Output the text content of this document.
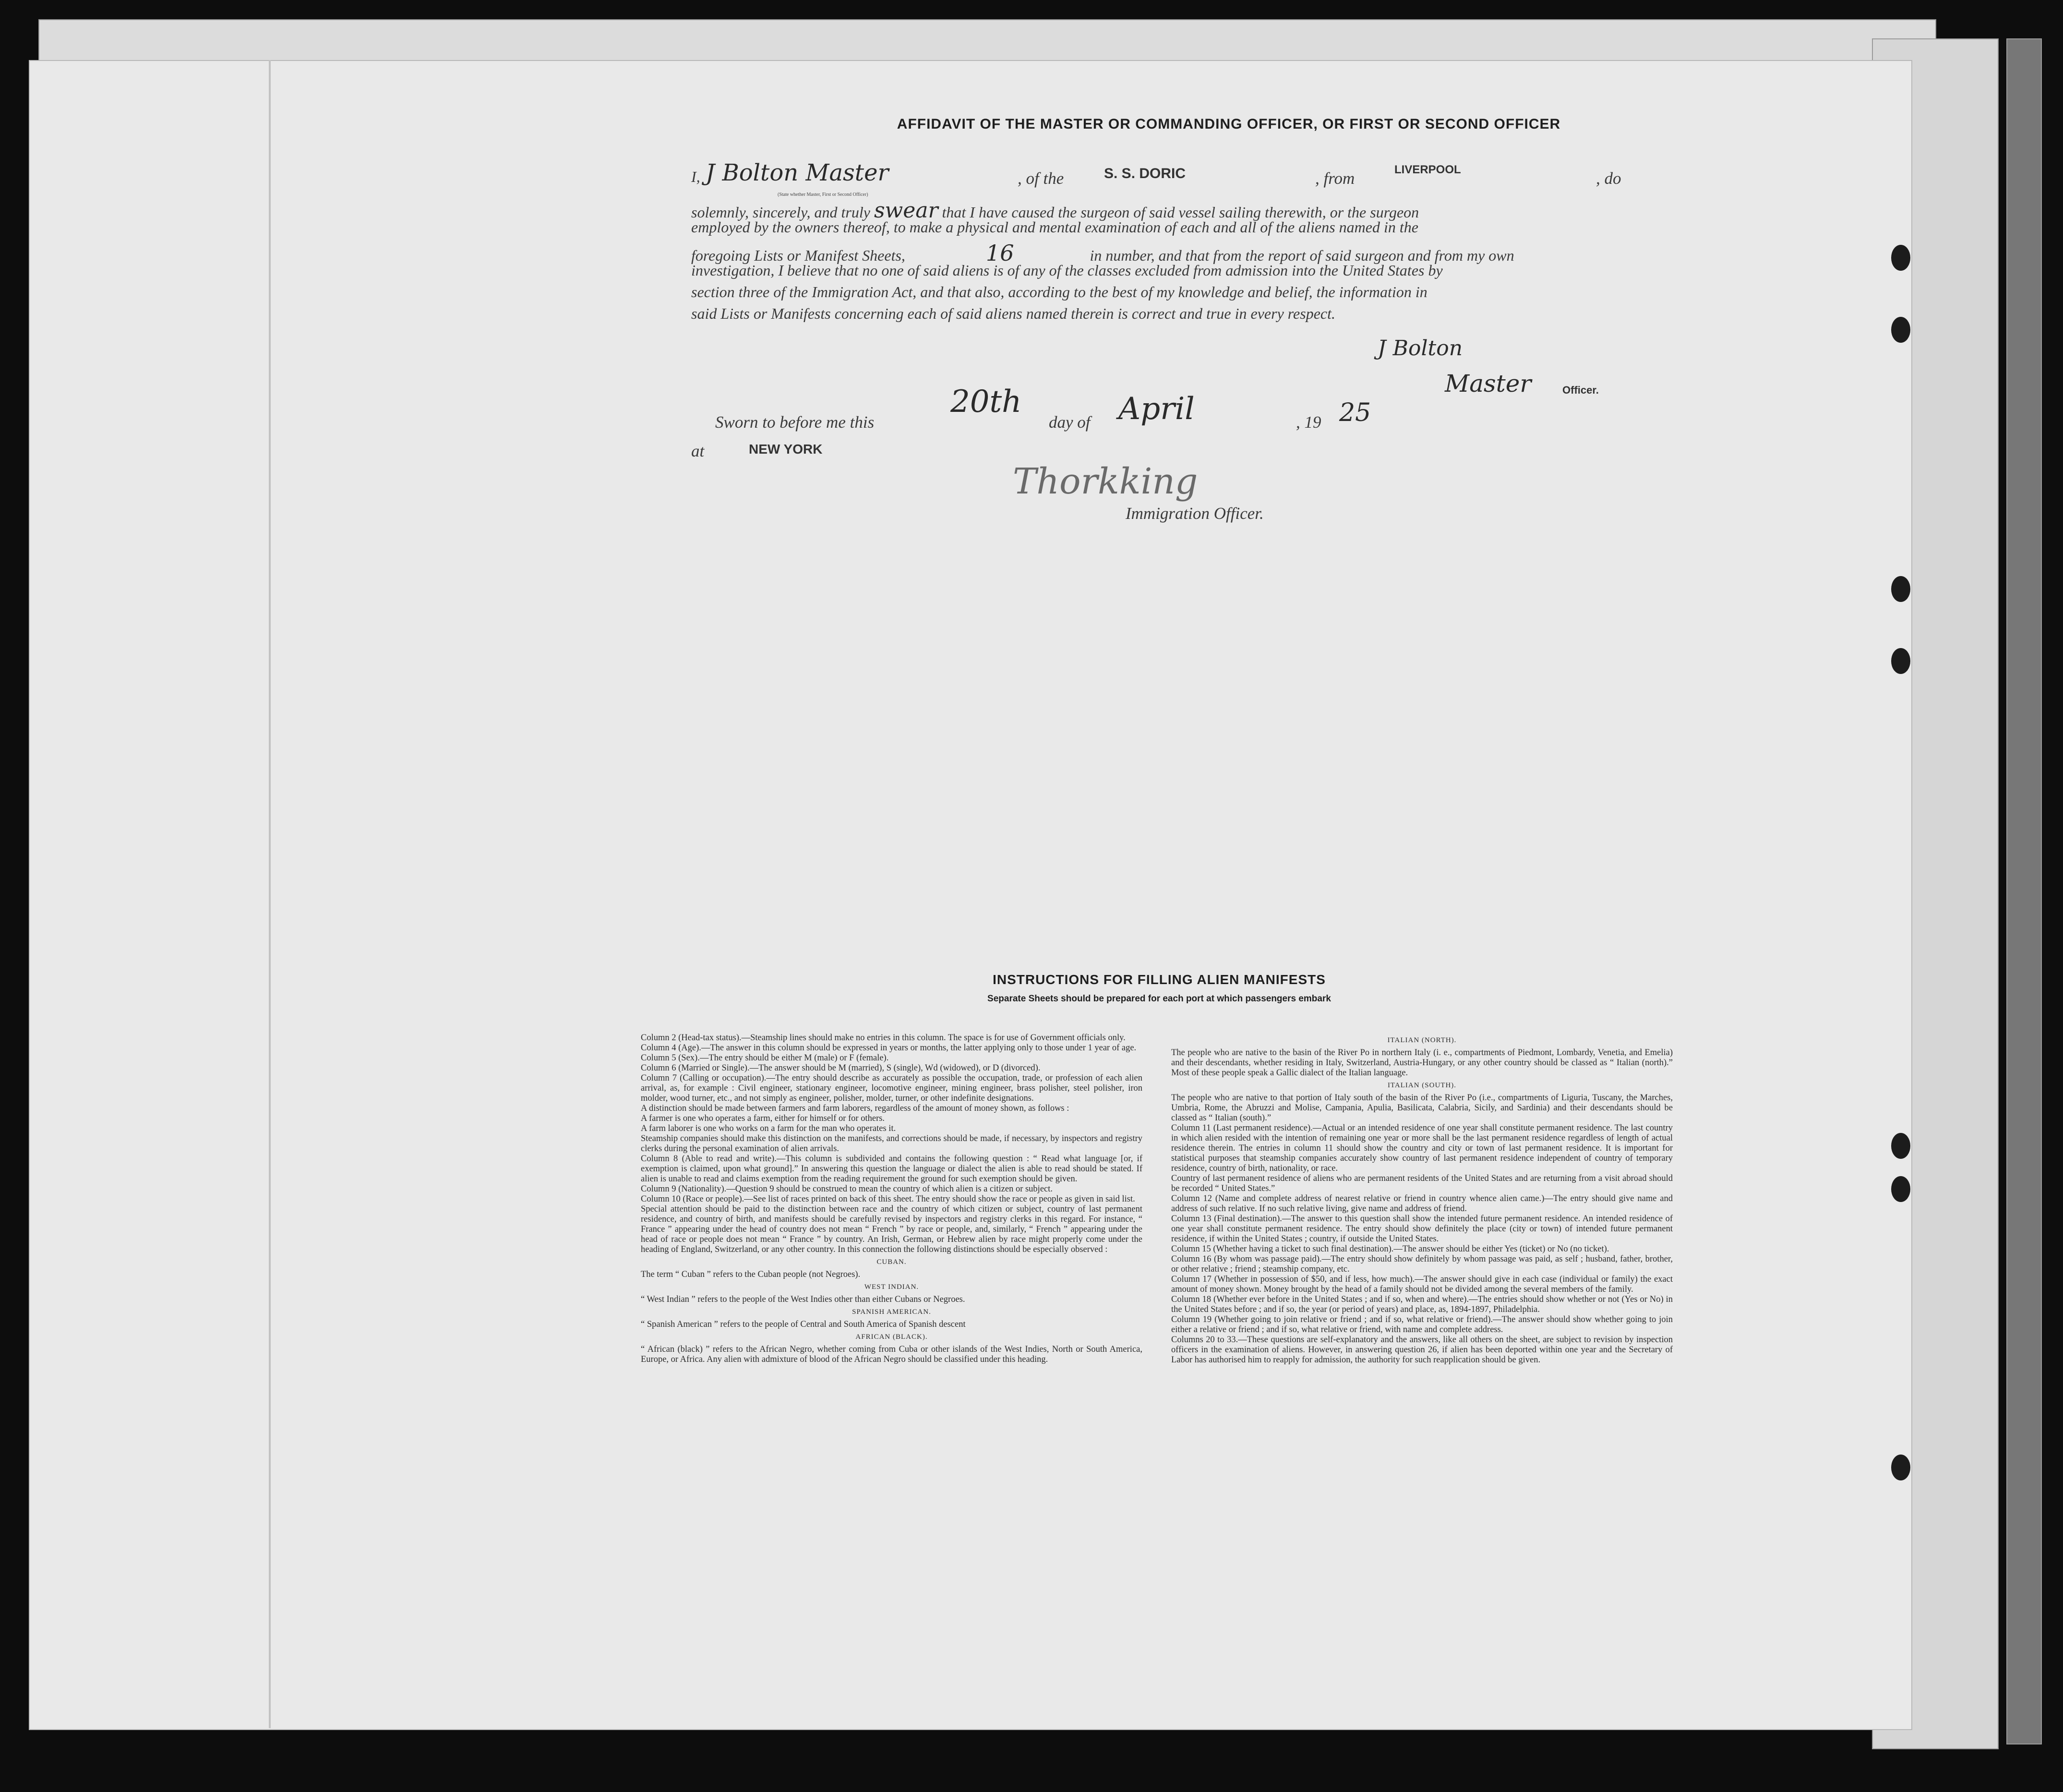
AFFIDAVIT OF THE MASTER OR COMMANDING OFFICER, OR FIRST OR SECOND OFFICER
I, J Bolton Master
(State whether Master, First or Second Officer)
, of the	S. S. DORIC	, from	LIVERPOOL	, do
solemnly, sincerely, and truly swear that I have caused the surgeon of said vessel sailing therewith, or the surgeon
employed by the owners thereof, to make a physical and mental examination of each and all of the aliens named in the
foregoing Lists or Manifest Sheets,	16	in number, and that from the report of said surgeon and from my own
investigation, I believe that no one of said aliens is of any of the classes excluded from admission into the United States by
section three of the Immigration Act, and that also, according to the best of my knowledge and belief, the information in
said Lists or Manifests concerning each of said aliens named therein is correct and true in every respect.
J Bolton
Master	Officer.
Sworn to before me this
20th
day of April	, 19 25
at	NEW YORK
Thorkking
Immigration Officer.
INSTRUCTIONS FOR FILLING ALIEN MANIFESTS
Separate Sheets should be prepared for each port at which passengers embark

Column 2 (Head-tax status).—Steamship lines should make no entries in this column. The space is for use of Government officials only.

Column 4 (Age).—The answer in this column should be expressed in years or months, the latter applying only to those under 1 year of age.

Column 5 (Sex).—The entry should be either M (male) or F (female).

Column 6 (Married or Single).—The answer should be M (married), S (single), Wd (widowed), or D (divorced).

Column 7 (Calling or occupation).—The entry should describe as accurately as possible the occupation, trade, or profession of each alien arrival, as, for example : Civil engineer, stationary engineer, locomotive engineer, mining engineer, brass polisher, steel polisher, iron molder, wood turner, etc., and not simply as engineer, polisher, molder, turner, or other indefinite designations.

A distinction should be made between farmers and farm laborers, regardless of the amount of money shown, as follows :

A farmer is one who operates a farm, either for himself or for others.

A farm laborer is one who works on a farm for the man who operates it.

Steamship companies should make this distinction on the manifests, and corrections should be made, if necessary, by inspectors and registry clerks during the personal examination of alien arrivals.

Column 8 (Able to read and write).—This column is subdivided and contains the following question : “ Read what language [or, if exemption is claimed, upon what ground].” In answering this question the language or dialect the alien is able to read should be stated. If alien is unable to read and claims exemption from the reading requirement the ground for such exemption should be given.

Column 9 (Nationality).—Question 9 should be construed to mean the country of which alien is a citizen or subject.

Column 10 (Race or people).—See list of races printed on back of this sheet. The entry should show the race or people as given in said list.

Special attention should be paid to the distinction between race and the country of which citizen or subject, country of last permanent residence, and country of birth, and manifests should be carefully revised by inspectors and registry clerks in this regard. For instance, “ France ” appearing under the head of country does not mean “ French ” by race or people, and, similarly, “ French ” appearing under the head of race or people does not mean “ France ” by country. An Irish, German, or Hebrew alien by race might properly come under the heading of England, Switzerland, or any other country. In this connection the following distinctions should be especially observed :

CUBAN.

The term “ Cuban ” refers to the Cuban people (not Negroes).

WEST INDIAN.

“ West Indian ” refers to the people of the West Indies other than either Cubans or Negroes.

SPANISH AMERICAN.

“ Spanish American ” refers to the people of Central and South America of Spanish descent

AFRICAN (BLACK).

“ African (black) ” refers to the African Negro, whether coming from Cuba or other islands of the West Indies, North or South America, Europe, or Africa. Any alien with admixture of blood of the African Negro should be classified under this heading.

ITALIAN (NORTH).

The people who are native to the basin of the River Po in northern Italy (i. e., compartments of Piedmont, Lombardy, Venetia, and Emelia) and their descendants, whether residing in Italy, Switzerland, Austria-Hungary, or any other country should be classed as “ Italian (north).” Most of these people speak a Gallic dialect of the Italian language.

ITALIAN (SOUTH).

The people who are native to that portion of Italy south of the basin of the River Po (i.e., compartments of Liguria, Tuscany, the Marches, Umbria, Rome, the Abruzzi and Molise, Campania, Apulia, Basilicata, Calabria, Sicily, and Sardinia) and their descendants should be classed as “ Italian (south).”

Column 11 (Last permanent residence).—Actual or an intended residence of one year shall constitute permanent residence. The last country in which alien resided with the intention of remaining one year or more shall be the last permanent residence regardless of length of actual residence therein. The entries in column 11 should show the country and city or town of last permanent residence. It is important for statistical purposes that steamship companies accurately show country of last permanent residence independent of country of temporary residence, country of birth, nationality, or race.

Country of last permanent residence of aliens who are permanent residents of the United States and are returning from a visit abroad should be recorded “ United States.”

Column 12 (Name and complete address of nearest relative or friend in country whence alien came.)—The entry should give name and address of such relative. If no such relative living, give name and address of friend.

Column 13 (Final destination).—The answer to this question shall show the intended future permanent residence. An intended residence of one year shall constitute permanent residence. The entry should show definitely the place (city or town) of intended future permanent residence, if within the United States ; country, if outside the United States.

Column 15 (Whether having a ticket to such final destination).—The answer should be either Yes (ticket) or No (no ticket).

Column 16 (By whom was passage paid).—The entry should show definitely by whom passage was paid, as self ; husband, father, brother, or other relative ; friend ; steamship company, etc.

Column 17 (Whether in possession of $50, and if less, how much).—The answer should give in each case (individual or family) the exact amount of money shown. Money brought by the head of a family should not be divided among the several members of the family.

Column 18 (Whether ever before in the United States ; and if so, when and where).—The entries should show whether or not (Yes or No) in the United States before ; and if so, the year (or period of years) and place, as, 1894-1897, Philadelphia.

Column 19 (Whether going to join relative or friend ; and if so, what relative or friend).—The answer should show whether going to join either a relative or friend ; and if so, what relative or friend, with name and complete address.

Columns 20 to 33.—These questions are self-explanatory and the answers, like all others on the sheet, are subject to revision by inspection officers in the examination of aliens. However, in answering question 26, if alien has been deported within one year and the Secretary of Labor has authorised him to reapply for admission, the authority for such reapplication should be given.
